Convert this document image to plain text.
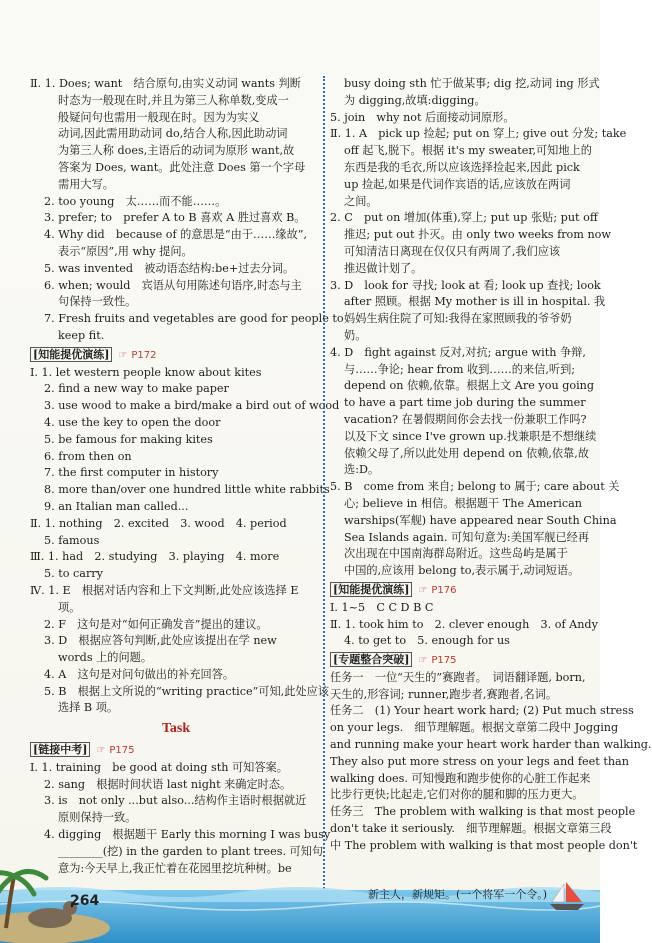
Ⅱ. 1. Does; want　结合原句,由实义动词 wants 判断
时态为一般现在时,并且为第三人称单数,变成一
般疑问句也需用一般现在时。因为为实义
动词,因此需用助动词 do,结合人称,因此助动词
为第三人称 does,主语后的动词为原形 want,故
答案为 Does, want。此处注意 Does 第一个字母
需用大写。
2. too young　太……而不能……。
3. prefer; to　prefer A to B 喜欢 A 胜过喜欢 B。
4. Why did　because of 的意思是“由于……缘故”,
表示“原因”,用 why 提问。
5. was invented　被动语态结构:be+过去分词。
6. when; would　宾语从句用陈述句语序,时态与主
句保持一致性。
7. Fresh fruits and vegetables are good for people to
keep fit.
[知能提优演练] ☞ P172
Ⅰ. 1. let western people know about kites
2. find a new way to make paper
3. use wood to make a bird/make a bird out of wood
4. use the key to open the door
5. be famous for making kites
6. from then on
7. the first computer in history
8. more than/over one hundred little white rabbits
9. an Italian man called...
Ⅱ. 1. nothing　2. excited　3. wood　4. period
5. famous
Ⅲ. 1. had　2. studying　3. playing　4. more
5. to carry
Ⅳ. 1. E　根据对话内容和上下文判断,此处应该选择 E
项。
2. F　这句是对“如何正确发音”提出的建议。
3. D　根据应答句判断,此处应该提出在学 new
words 上的问题。
4. A　这句是对问句做出的补充回答。
5. B　根据上文所说的“writing practice”可知,此处应该
选择 B 项。
Task
[链接中考] ☞ P175
Ⅰ. 1. training　be good at doing sth 可知答案。
2. sang　根据时间状语 last night 来确定时态。
3. is　not only ...but also...结构作主语时根据就近
原则保持一致。
4. digging　根据题干 Early this morning I was busy
________(挖) in the garden to plant trees. 可知句
意为:今天早上,我正忙着在花园里挖坑种树。be
busy doing sth 忙于做某事; dig 挖,动词 ing 形式
为 digging,故填:digging。
5. join　why not 后面接动词原形。
Ⅱ. 1. A　pick up 捡起; put on 穿上; give out 分发; take
off 起飞,脱下。根据 it's my sweater,可知地上的
东西是我的毛衣,所以应该选择捡起来,因此 pick
up 捡起,如果是代词作宾语的话,应该放在两词
之间。
2. C　put on 增加(体重),穿上; put up 张贴; put off
推迟; put out 扑灭。由 only two weeks from now
可知清洁日离现在仅仅只有两周了,我们应该
推迟做计划了。
3. D　look for 寻找; look at 看; look up 查找; look
after 照顾。根据 My mother is ill in hospital. 我
妈妈生病住院了可知:我得在家照顾我的爷爷奶
奶。
4. D　fight against 反对,对抗; argue with 争辩,
与……争论; hear from 收到……的来信,听到;
depend on 依赖,依靠。根据上文 Are you going
to have a part time job during the summer
vacation? 在暑假期间你会去找一份兼职工作吗?
以及下文 since I've grown up.找兼职是不想继续
依赖父母了,所以此处用 depend on 依赖,依靠,故
选:D。
5. B　come from 来自; belong to 属于; care about 关
心; believe in 相信。根据题干 The American
warships(军舰) have appeared near South China
Sea Islands again. 可知句意为:美国军舰已经再
次出现在中国南海群岛附近。这些岛屿是属于
中国的,应该用 belong to,表示属于,动词短语。
[知能提优演练] ☞ P176
Ⅰ. 1~5　C C D B C
Ⅱ. 1. took him to　2. clever enough　3. of Andy
4. to get to　5. enough for us
[专题整合突破] ☞ P175
任务一　一位“天生的”赛跑者。　词语翻译题, born,
天生的,形容词; runner,跑步者,赛跑者,名词。
任务二　(1) Your heart work hard; (2) Put much stress
on your legs.　细节理解题。根据文章第二段中 Jogging
and running make your heart work harder than walking.
They also put more stress on your legs and feet than
walking does. 可知慢跑和跑步使你的心脏工作起来
比步行更快;比起走,它们对你的腿和脚的压力更大。
任务三　The problem with walking is that most people
don't take it seriously.　细节理解题。根据文章第三段
中 The problem with walking is that most people don't
264	新主人，新规矩。(一个将军一个令。)
